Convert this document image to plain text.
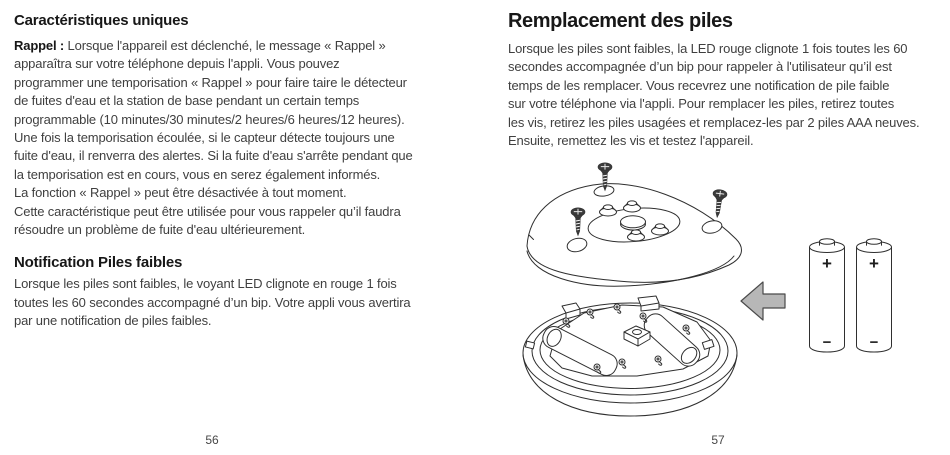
Caractéristiques uniques
Rappel : Lorsque l'appareil est déclenché, le message « Rappel »
apparaîtra sur votre téléphone depuis l'appli. Vous pouvez
programmer une temporisation « Rappel » pour faire taire le détecteur
de fuites d'eau et la station de base pendant un certain temps
programmable (10 minutes/30 minutes/2 heures/6 heures/12 heures).
Une fois la temporisation écoulée, si le capteur détecte toujours une
fuite d'eau, il renverra des alertes. Si la fuite d'eau s'arrête pendant que
la temporisation est en cours, vous en serez également informés.
La fonction « Rappel » peut être désactivée à tout moment.
Cette caractéristique peut être utilisée pour vous rappeler qu’il faudra
résoudre un problème de fuite d'eau ultérieurement.
Notification Piles faibles
Lorsque les piles sont faibles, le voyant LED clignote en rouge 1 fois
toutes les 60 secondes accompagné d’un bip. Votre appli vous avertira
par une notification de piles faibles.
Remplacement des piles
Lorsque les piles sont faibles, la LED rouge clignote 1 fois toutes les 60
secondes accompagnée d’un bip pour rappeler à l'utilisateur qu’il est
temps de les remplacer. Vous recevrez une notification de pile faible
sur votre téléphone via l'appli. Pour remplacer les piles, retirez toutes
les vis, retirez les piles usagées et remplacez-les par 2 piles AAA neuves.
Ensuite, remettez les vis et testez l'appareil.
+
−
+
−
56	57
